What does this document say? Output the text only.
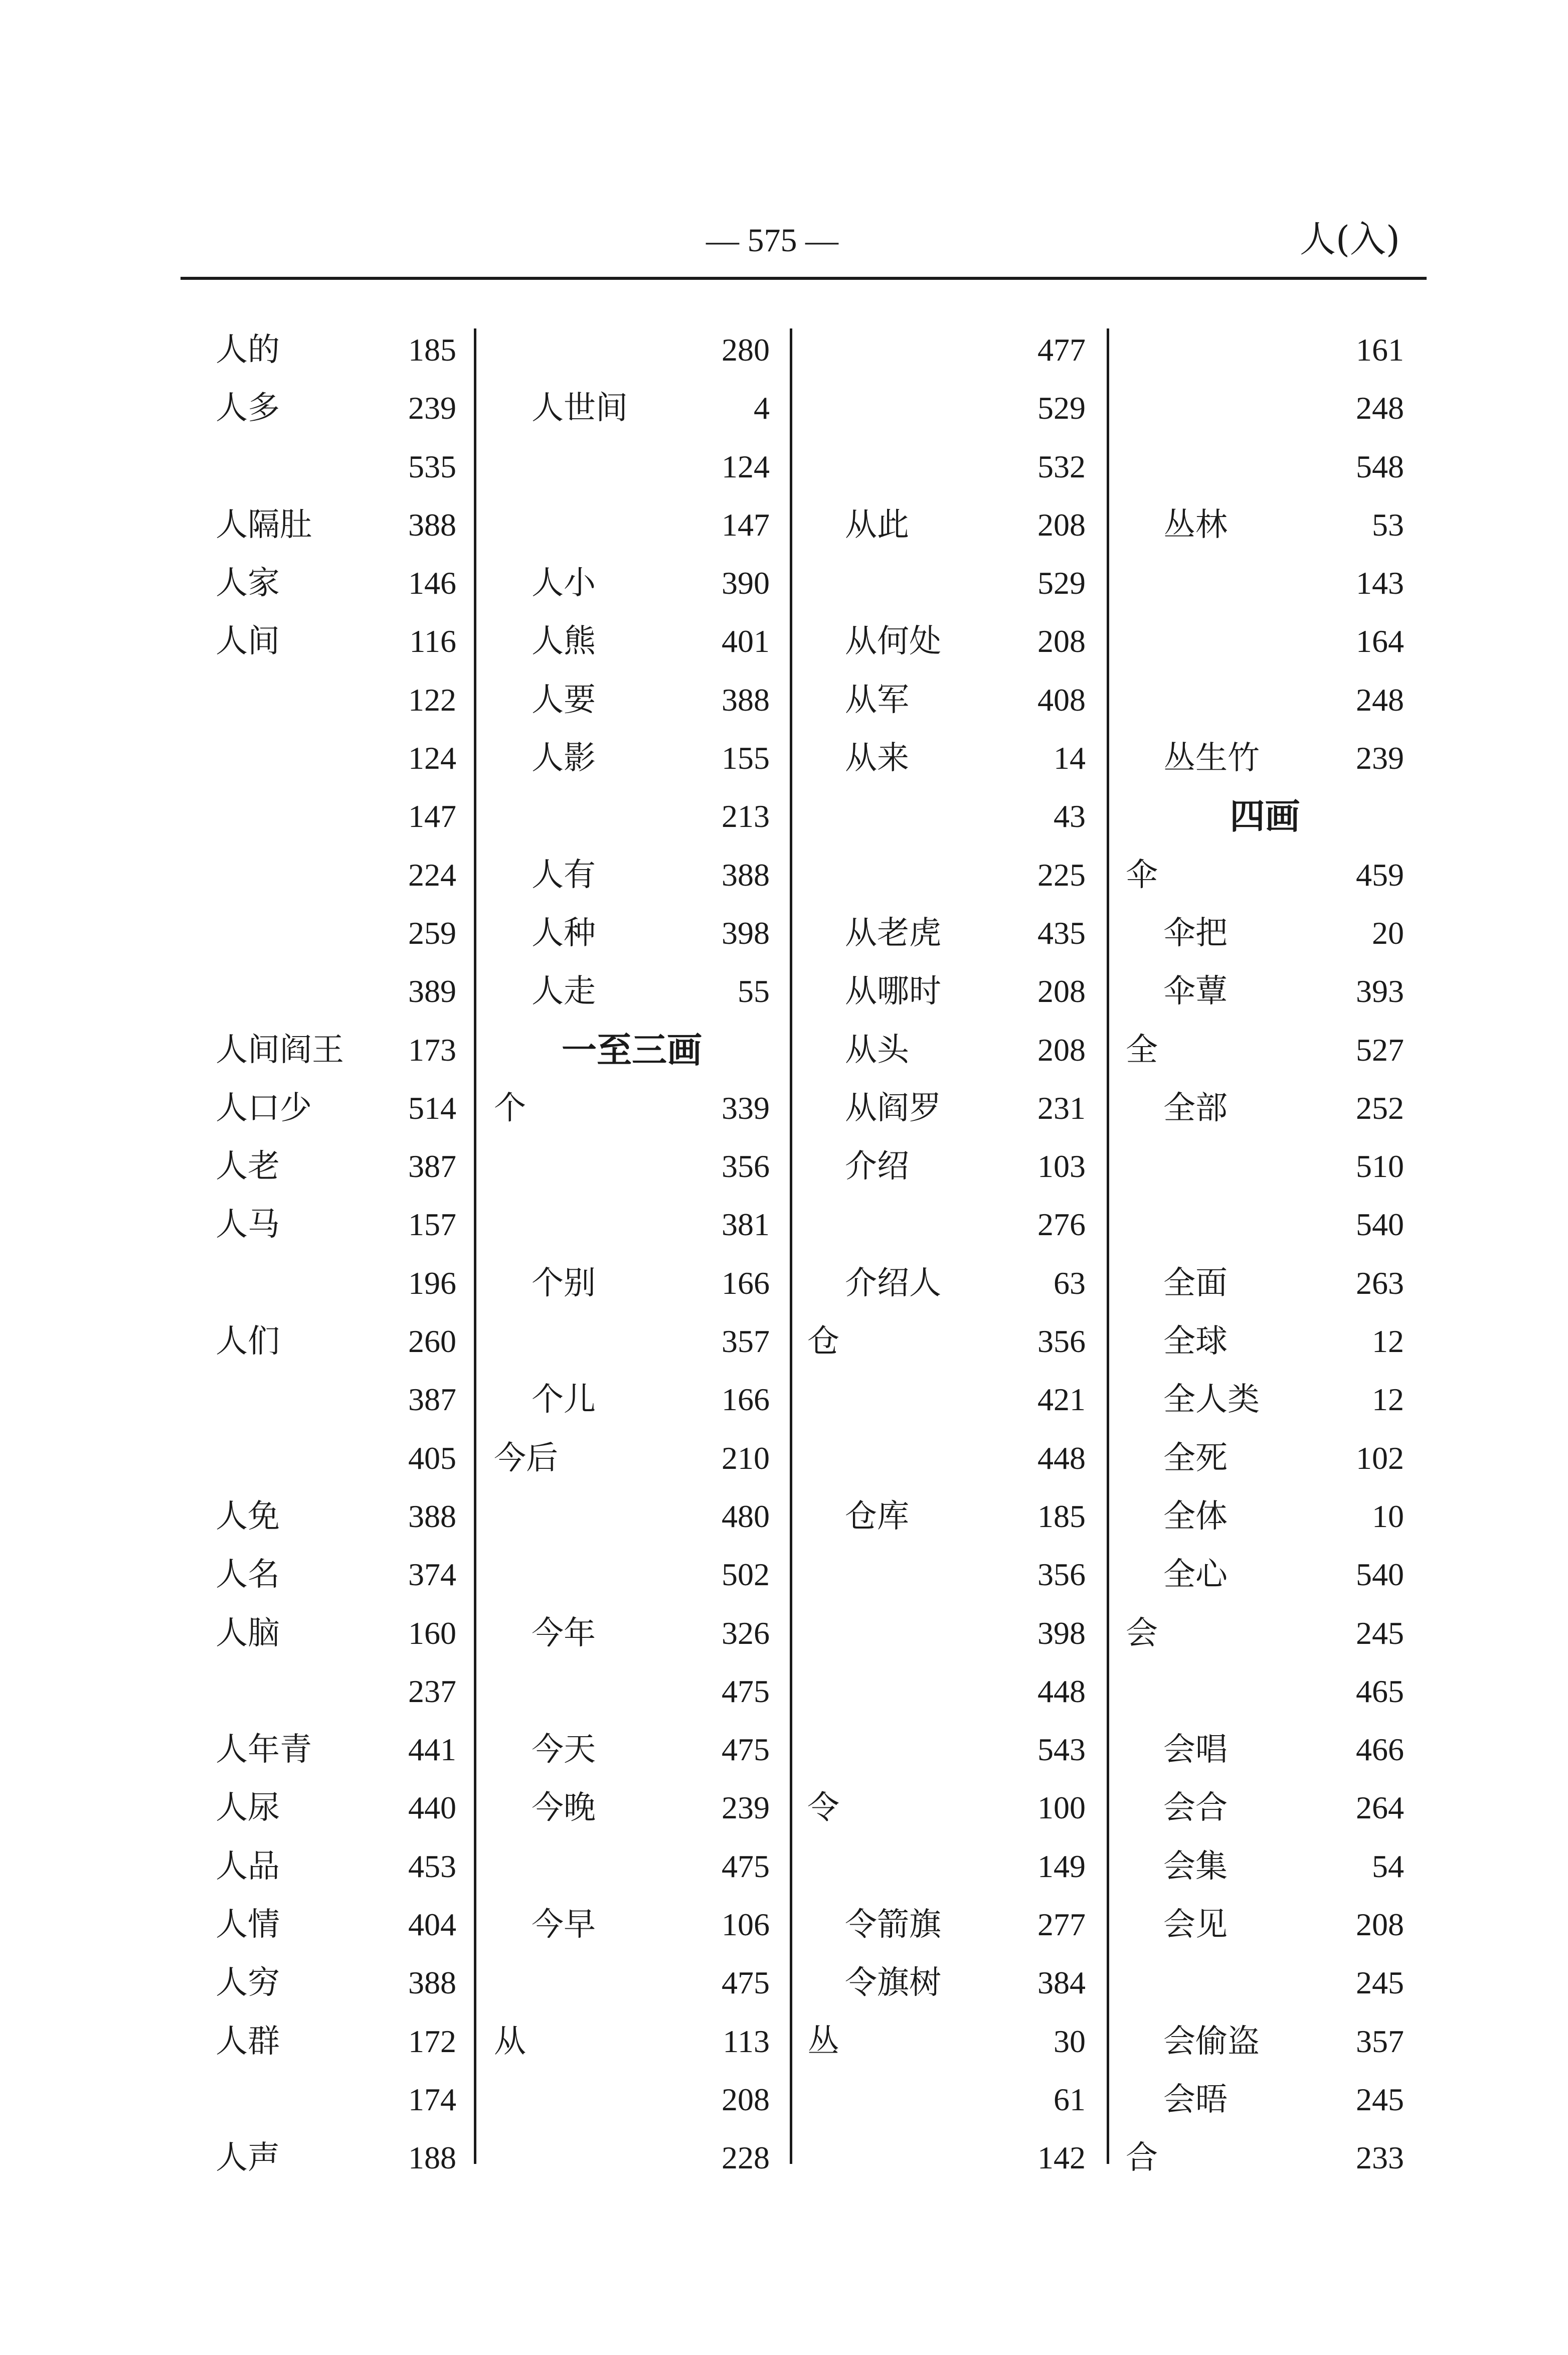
— 575 —	人(入)
人的	185
人多	239
535
人隔肚	388
人家	146
人间	116
122
124
147
224
259
389
人间阎王 173
人口少	514
人老	387
人马	157
196
人们	260
387
405
人免	388
人名	374
人脑	160
237
人年青	441
人尿	440
人品	453
人情	404
人穷	388
人群	172
174
人声	188
280
人世间	4
124
147
人小	390
人熊	401
人要	388
人影	155
213
人有	388
人种	398
人走	55
一至三画
个	339
356
381
个别	166
357
个儿	166
今后	210
480
502
今年	326
475
今天	475
今晚	239
475
今早	106
475
从	113
208
228
477
529
532
从此	208
529
从何处	208
从军	408
从来	14
43
225
从老虎	435
从哪时	208
从头	208
从阎罗	231
介绍	103
276
介绍人	63
仓	356
421
448
仓库	185
356
398
448
543
令	100
149
令箭旗	277
令旗树	384
丛	30
61
142
161
248
548
丛林	53
143
164
248
丛生竹	239
四画
伞	459
伞把	20
伞蕈	393
全	527
全部	252
510
540
全面	263
全球	12
全人类	12
全死	102
全体	10
全心	540
会	245
465
会唱	466
会合	264
会集	54
会见	208
245
会偷盗	357
会晤	245
合	233
